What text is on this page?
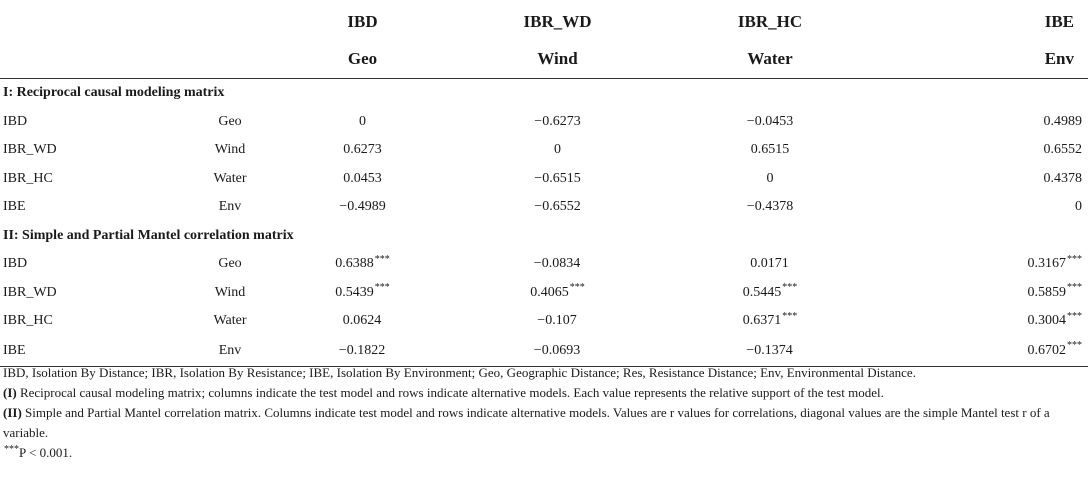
		IBD	IBR_WD	IBR_HC	IBE
		Geo	Wind	Water	Env
I: Reciprocal causal modeling matrix					
IBD	Geo	0	−0.6273	−0.0453	0.4989
IBR_WD	Wind	0.6273	0	0.6515	0.6552
IBR_HC	Water	0.0453	−0.6515	0	0.4378
IBE	Env	−0.4989	−0.6552	−0.4378	0
II: Simple and Partial Mantel correlation matrix					
IBD	Geo	0.6388***	−0.0834	0.0171	0.3167***
IBR_WD	Wind	0.5439***	0.4065***	0.5445***	0.5859***
IBR_HC	Water	0.0624	−0.107	0.6371***	0.3004***
IBE	Env	−0.1822	−0.0693	−0.1374	0.6702***

IBD, Isolation By Distance; IBR, Isolation By Resistance; IBE, Isolation By Environment; Geo, Geographic Distance; Res, Resistance Distance; Env, Environmental Distance.

(I) Reciprocal causal modeling matrix; columns indicate the test model and rows indicate alternative models. Each value represents the relative support of the test model.

(II) Simple and Partial Mantel correlation matrix. Columns indicate test model and rows indicate alternative models. Values are r values for correlations, diagonal values are the simple Mantel test r of a variable.

***P < 0.001.
